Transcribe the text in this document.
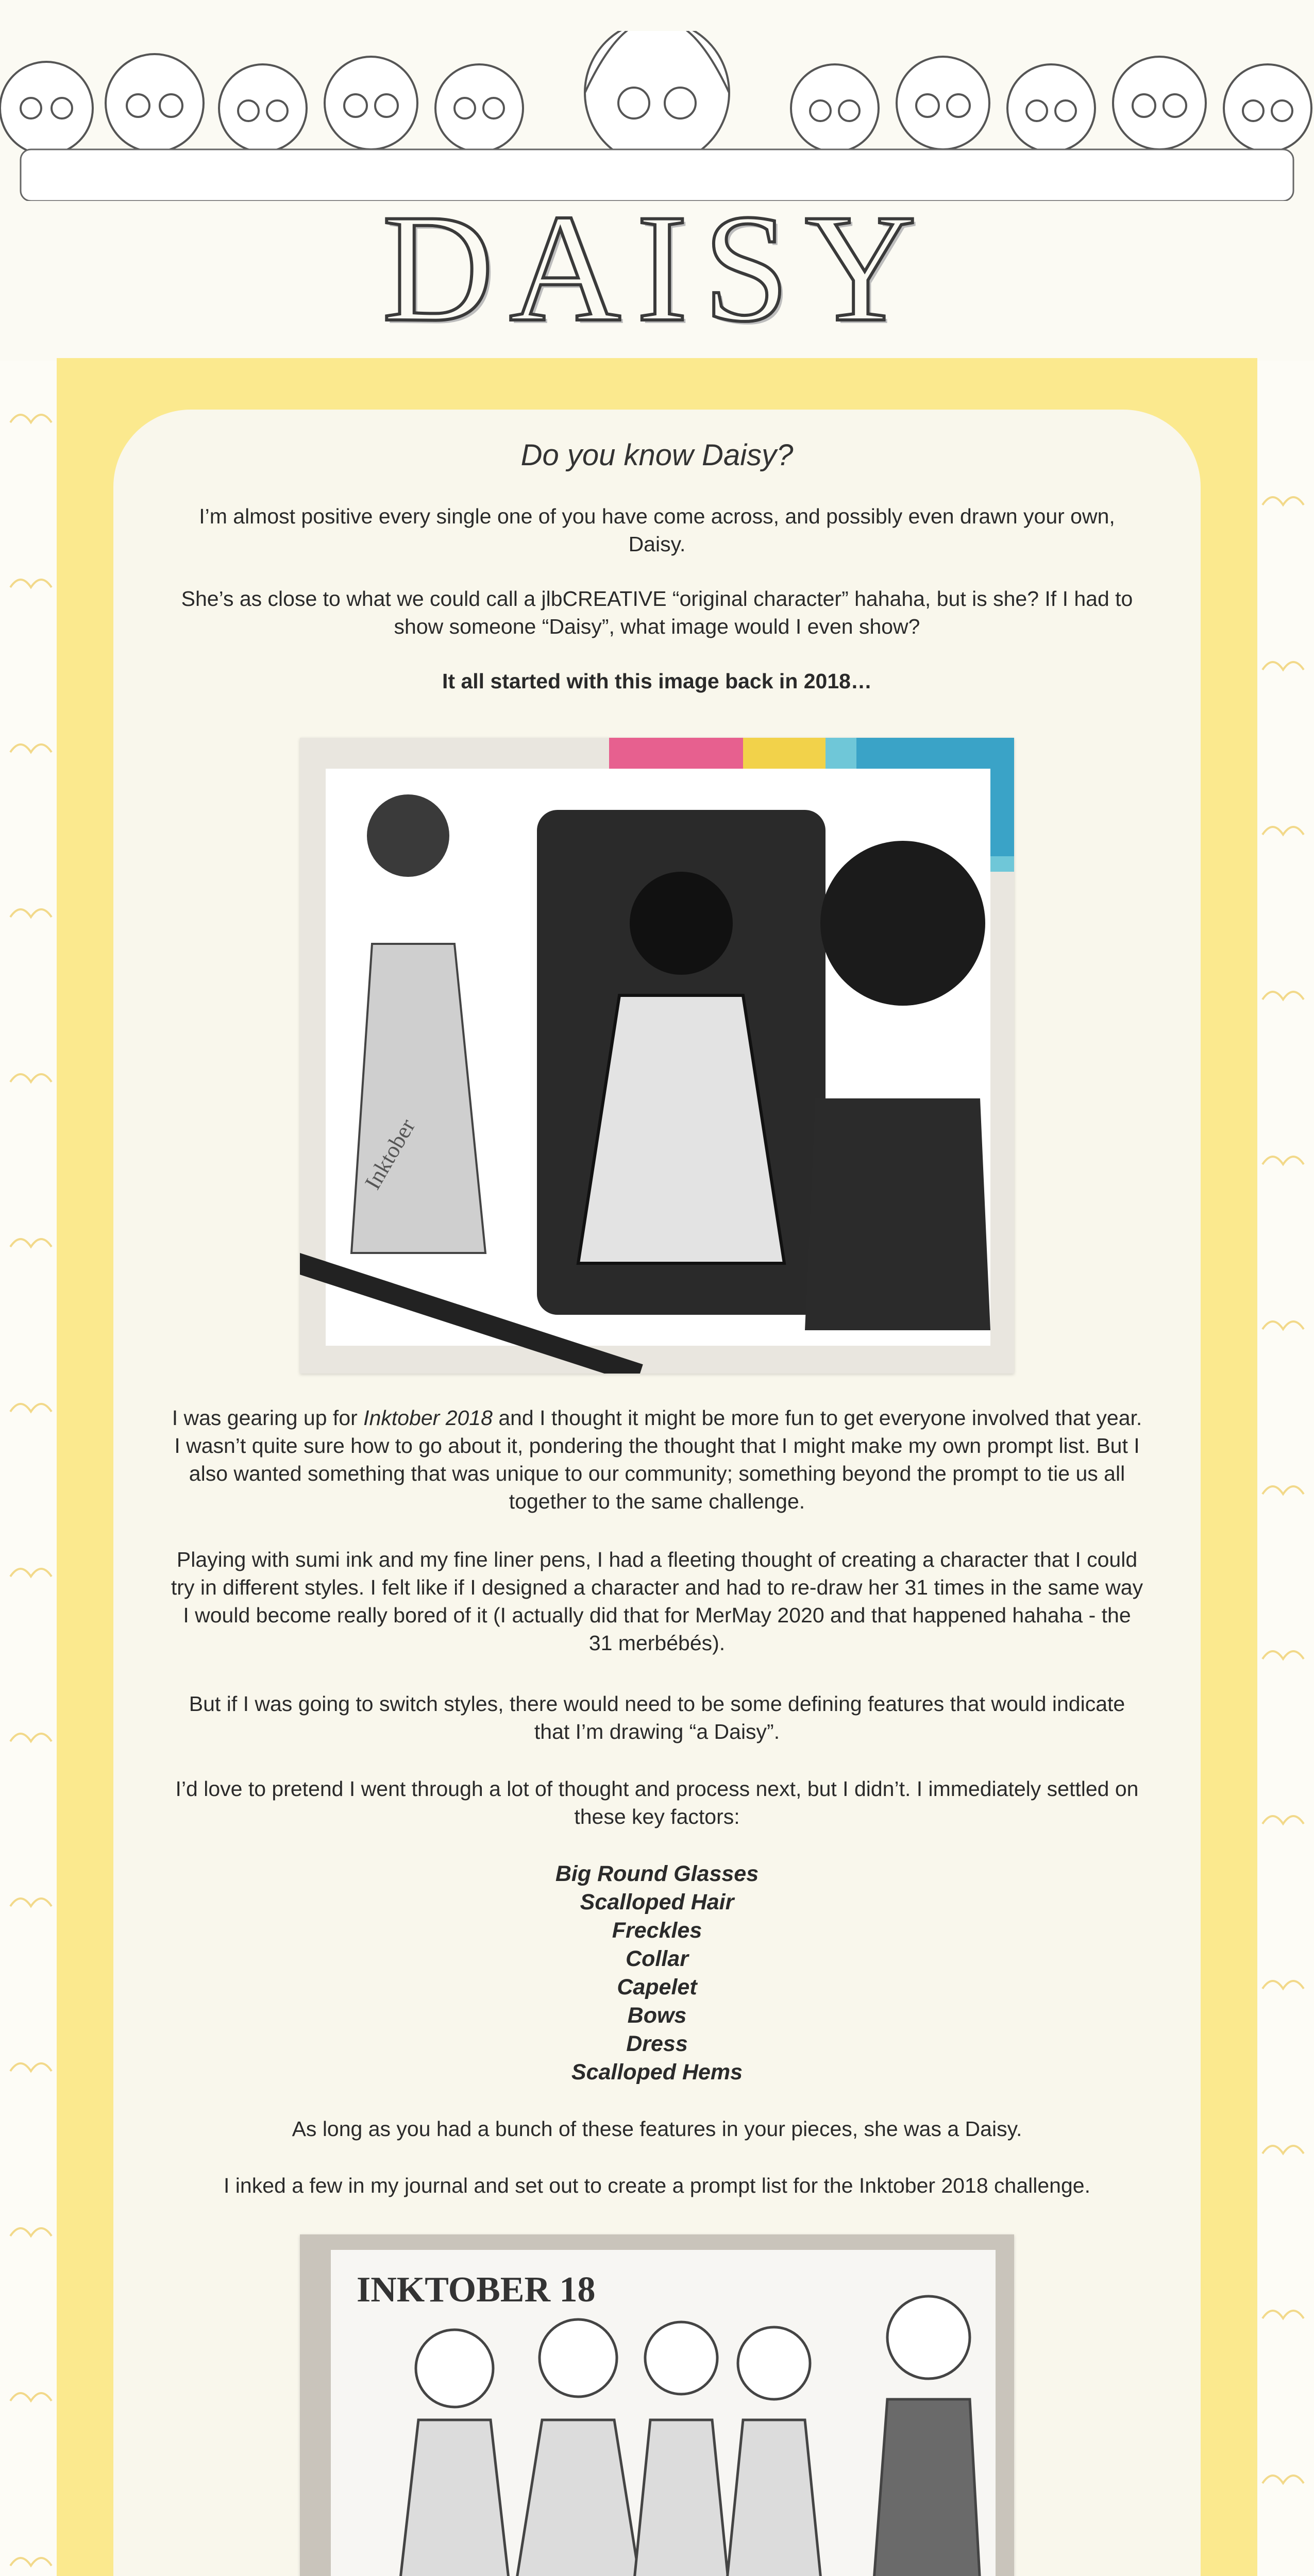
DAISY
Do you know Daisy?

I’m almost positive every single one of you have come across, and possibly even drawn your own, Daisy.

She’s as close to what we could call a jlbCREATIVE “original character” hahaha, but is she? If I had to show someone “Daisy”, what image would I even show?

It all started with this image back in 2018…

Inktober

I was gearing up for Inktober 2018 and I thought it might be more fun to get everyone involved that year. I wasn’t quite sure how to go about it, pondering the thought that I might make my own prompt list. But I also wanted something that was unique to our community; something beyond the prompt to tie us all together to the same challenge.

Playing with sumi ink and my fine liner pens, I had a fleeting thought of creating a character that I could try in different styles. I felt like if I designed a character and had to re-draw her 31 times in the same way I would become really bored of it (I actually did that for MerMay 2020 and that happened hahaha - the 31 merbébés).

But if I was going to switch styles, there would need to be some defining features that would indicate that I’m drawing “a Daisy”.

I’d love to pretend I went through a lot of thought and process next, but I didn’t. I immediately settled on these key factors:

Big Round Glasses
Scalloped Hair
Freckles
Collar
Capelet
Bows
Dress
Scalloped Hems

As long as you had a bunch of these features in your pieces, she was a Daisy.

I inked a few in my journal and set out to create a prompt list for the Inktober 2018 challenge.

INKTOBER 18
